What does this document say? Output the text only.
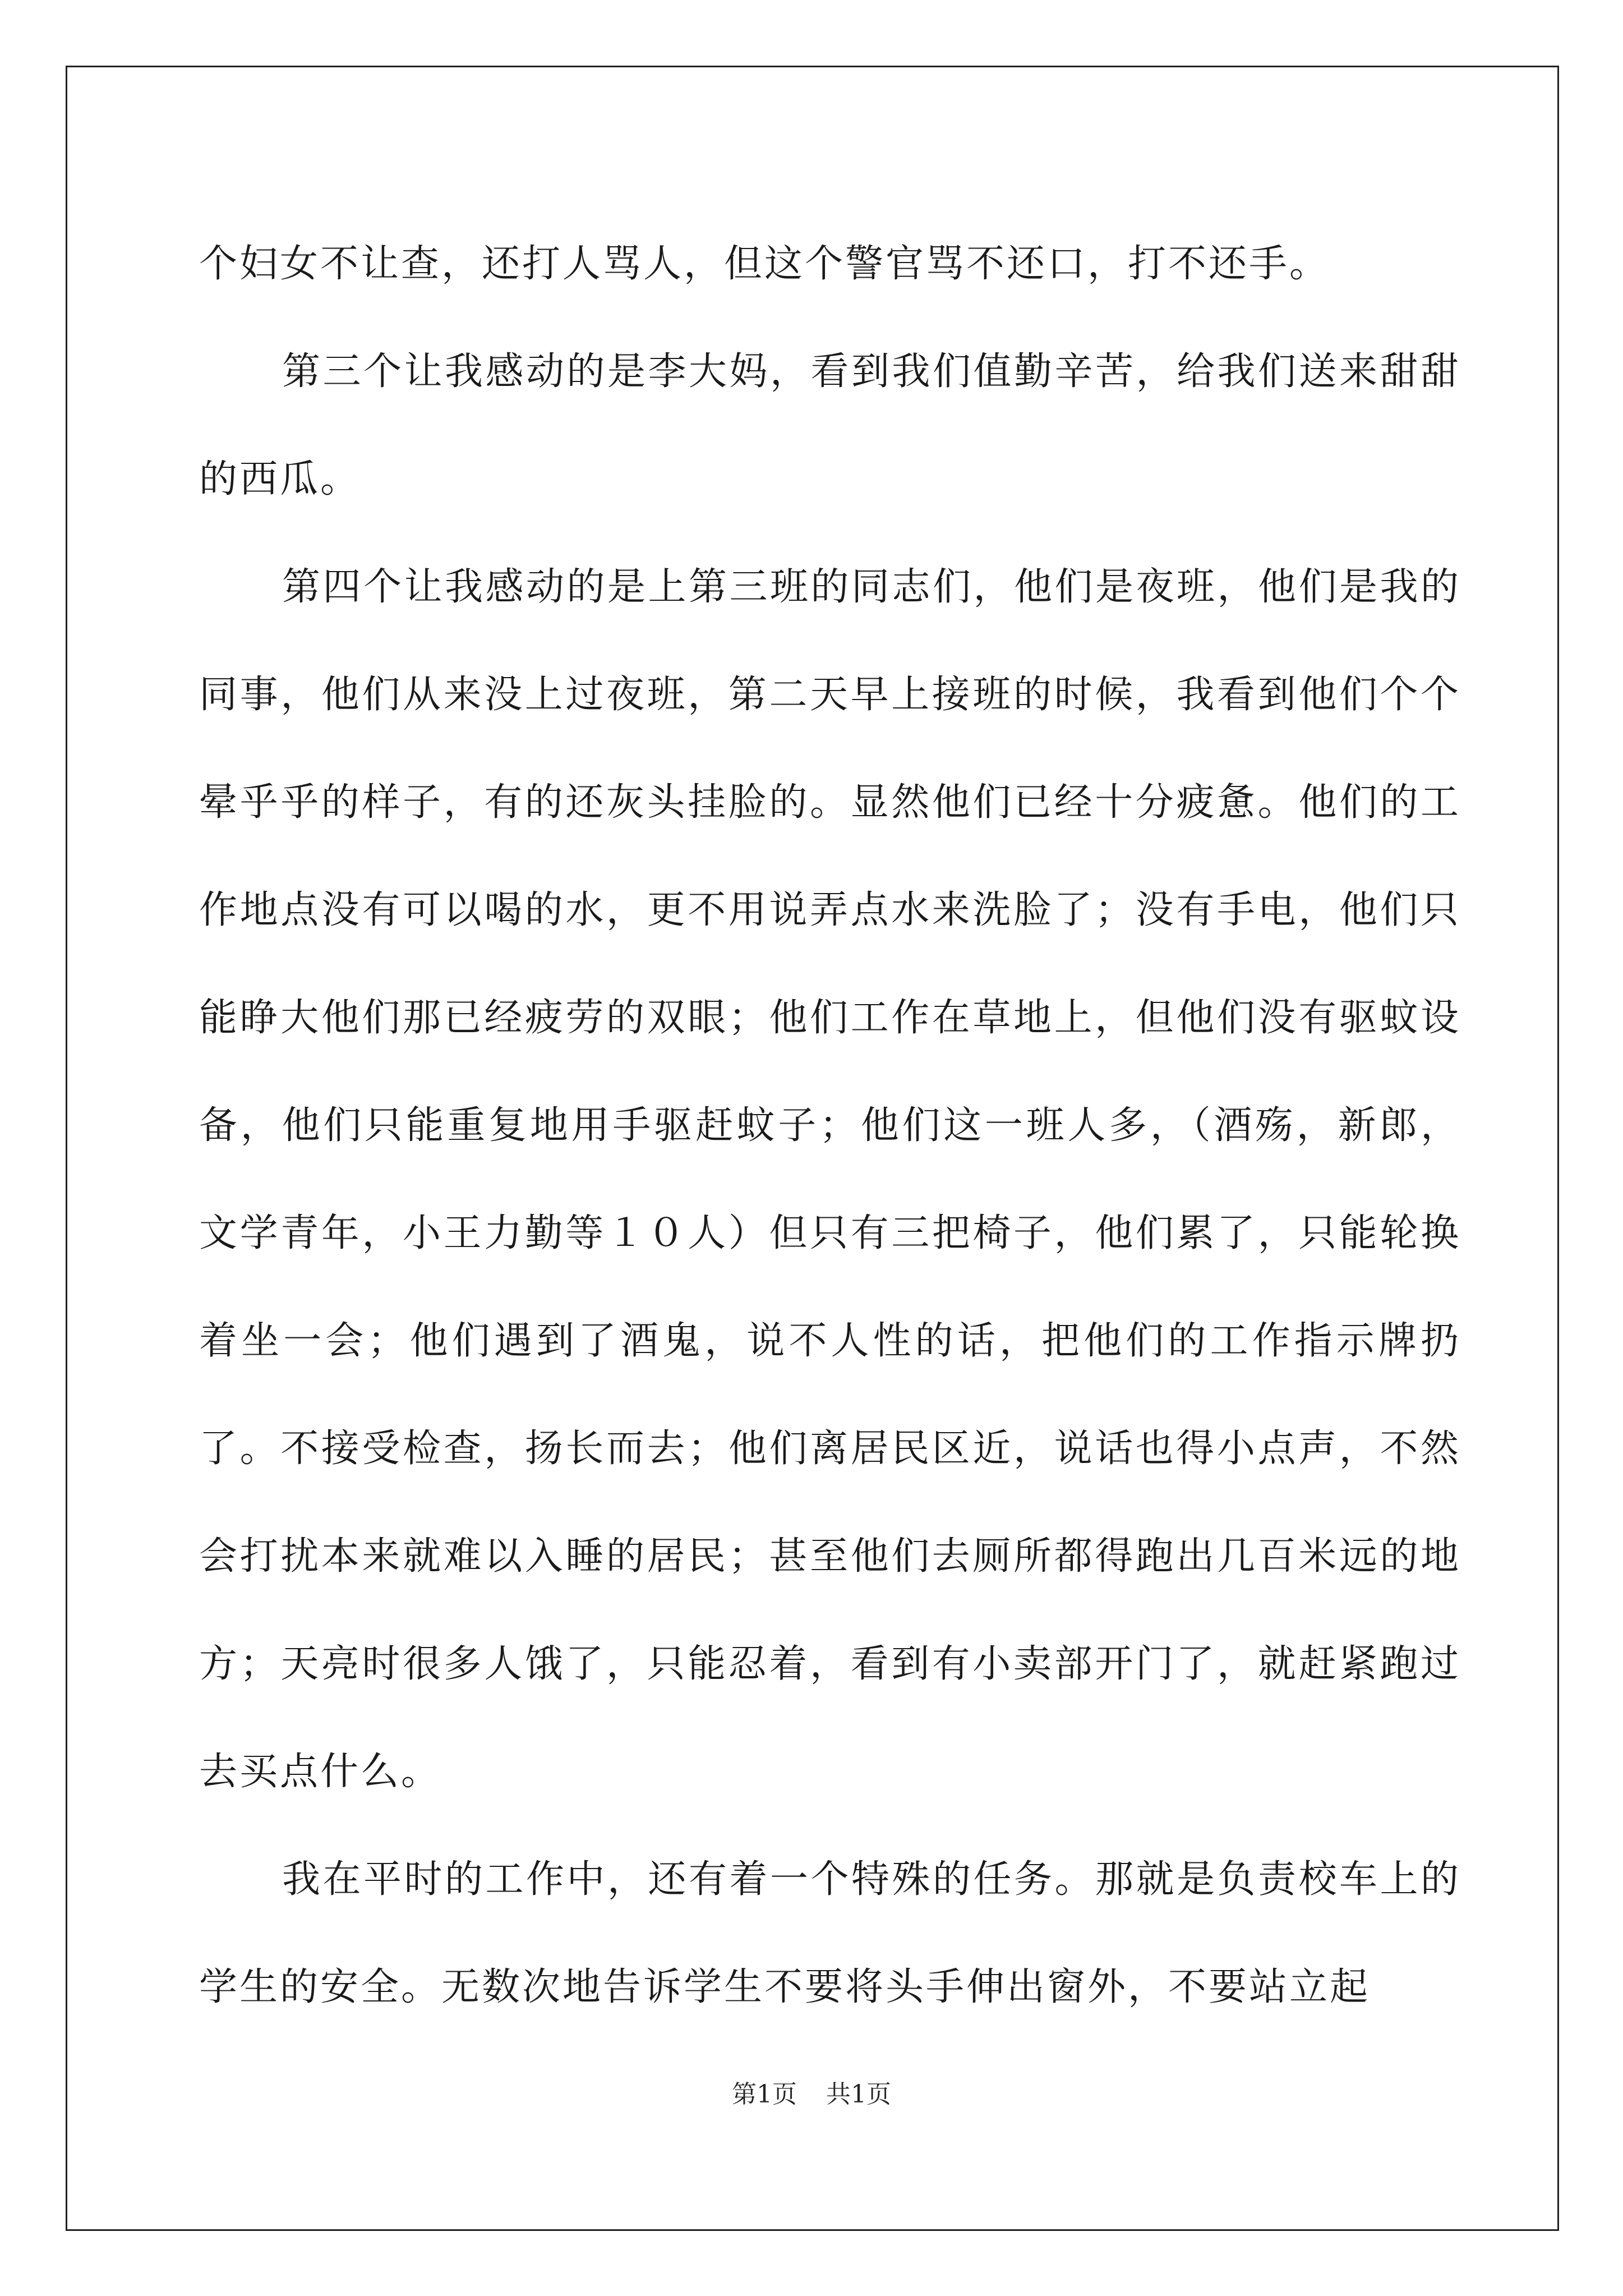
个妇女不让查，还打人骂人，但这个警官骂不还口，打不还手。

第三个让我感动的是李大妈，看到我们值勤辛苦，给我们送来甜甜的西瓜。

第四个让我感动的是上第三班的同志们，他们是夜班，他们是我的同事，他们从来没上过夜班，第二天早上接班的时候，我看到他们个个晕乎乎的样子，有的还灰头挂脸的。显然他们已经十分疲惫。他们的工作地点没有可以喝的水，更不用说弄点水来洗脸了；没有手电，他们只能睁大他们那已经疲劳的双眼；他们工作在草地上，但他们没有驱蚊设备，他们只能重复地用手驱赶蚊子；他们这一班人多，（酒殇，新郎，文学青年，小王力勤等１０人）但只有三把椅子，他们累了，只能轮换着坐一会；他们遇到了酒鬼，说不人性的话，把他们的工作指示牌扔了。不接受检查，扬长而去；他们离居民区近，说话也得小点声，不然会打扰本来就难以入睡的居民；甚至他们去厕所都得跑出几百米远的地方；天亮时很多人饿了，只能忍着，看到有小卖部开门了，就赶紧跑过去买点什么。

我在平时的工作中，还有着一个特殊的任务。那就是负责校车上的学生的安全。无数次地告诉学生不要将头手伸出窗外，不要站立起

第1页 共1页
